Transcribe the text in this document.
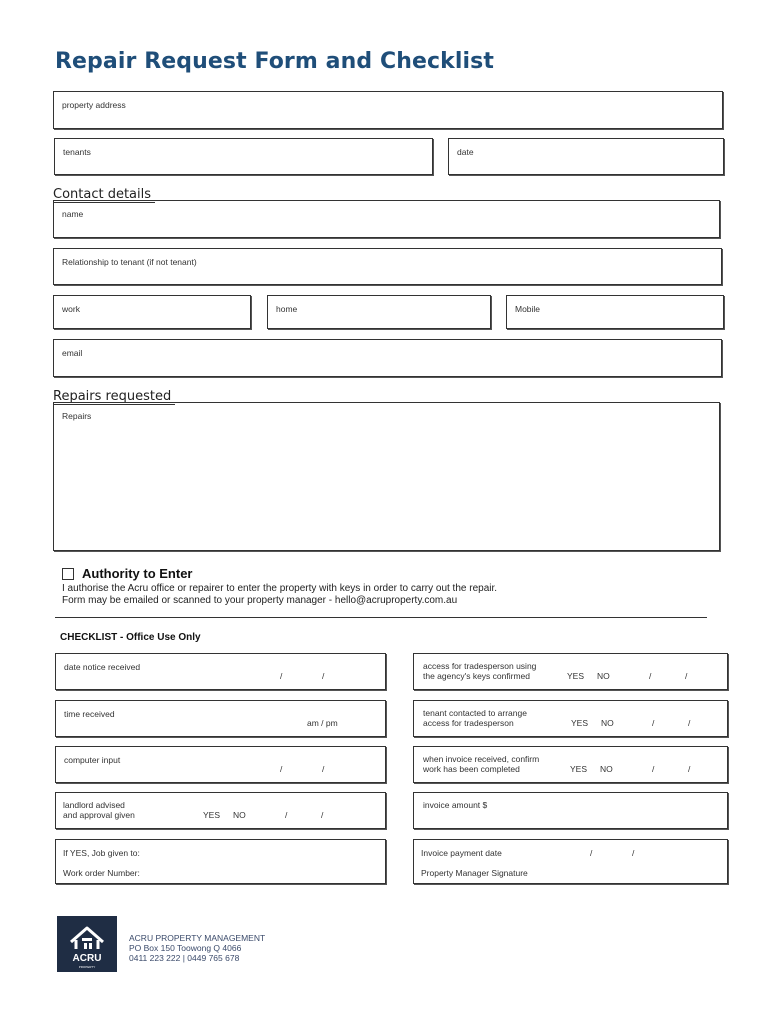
Repair Request Form and Checklist
property address
tenants	date
Contact details
name
Relationship to tenant (if not tenant)
work	home	Mobile
email
Repairs requested
Repairs
Authority to Enter
I authorise the Acru office or repairer to enter the property with keys in order to carry out the repair.
Form may be emailed or scanned to your property manager - hello@acruproperty.com.au
CHECKLIST - Office Use Only
date notice received
/	/
time received
am / pm
computer input
/	/
landlord advised
and approval given	YES NO	/	/
If YES, Job given to:
Work order Number:
access for tradesperson using
the agency's keys confirmed	YES NO	/	/
tenant contacted to arrange
access for tradesperson	YES NO	/	/
when invoice received, confirm
work has been completed	YES NO	/	/
invoice amount $
Invoice payment date	/	/
Property Manager Signature
ACRU
PROPERTY
ACRU PROPERTY MANAGEMENT
PO Box 150 Toowong Q 4066
0411 223 222 | 0449 765 678
